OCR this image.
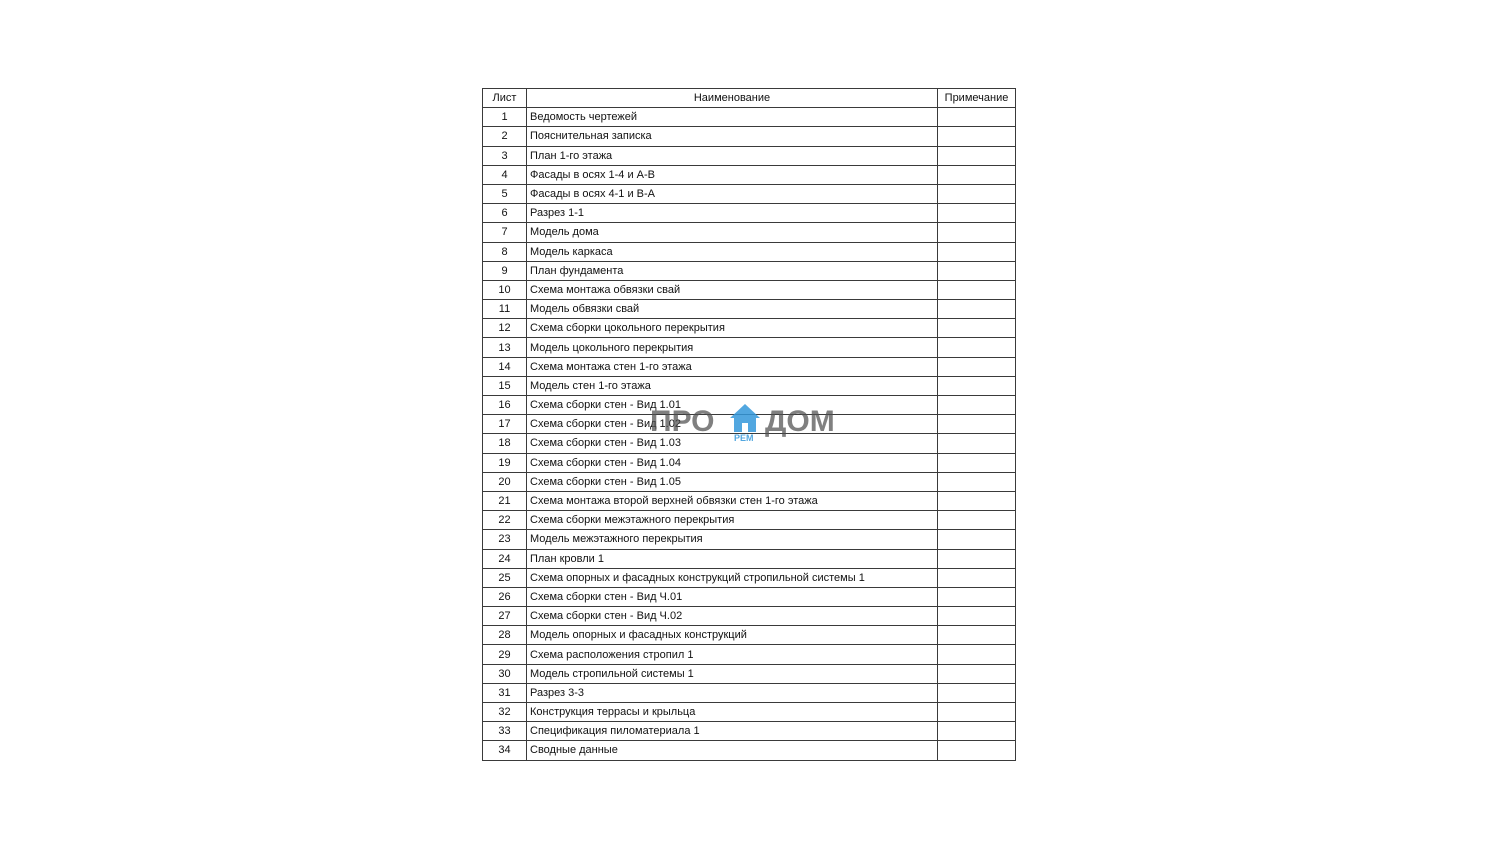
Лист	Наименование	Примечание
1	Ведомость чертежей	
2	Пояснительная записка	
3	План 1-го этажа	
4	Фасады в осях 1-4 и А-В	
5	Фасады в осях 4-1 и В-А	
6	Разрез 1-1	
7	Модель дома	
8	Модель каркаса	
9	План фундамента	
10	Схема монтажа обвязки свай	
11	Модель обвязки свай	
12	Схема сборки цокольного перекрытия	
13	Модель цокольного перекрытия	
14	Схема монтажа стен 1-го этажа	
15	Модель стен 1-го этажа	
16	Схема сборки стен - Вид 1.01	
17	Схема сборки стен - Вид 1.02	
18	Схема сборки стен - Вид 1.03	
19	Схема сборки стен - Вид 1.04	
20	Схема сборки стен - Вид 1.05	
21	Схема монтажа второй верхней обвязки стен 1-го этажа	
22	Схема сборки межэтажного перекрытия	
23	Модель межэтажного перекрытия	
24	План кровли 1	
25	Схема опорных и фасадных конструкций стропильной системы 1	
26	Схема сборки стен - Вид Ч.01	
27	Схема сборки стен - Вид Ч.02	
28	Модель опорных и фасадных конструкций	
29	Схема расположения стропил 1	
30	Модель стропильной системы 1	
31	Разрез 3-3	
32	Конструкция террасы и крыльца	
33	Спецификация пиломатериала 1	
34	Сводные данные	
ПРО ДОМ
РЕМ
